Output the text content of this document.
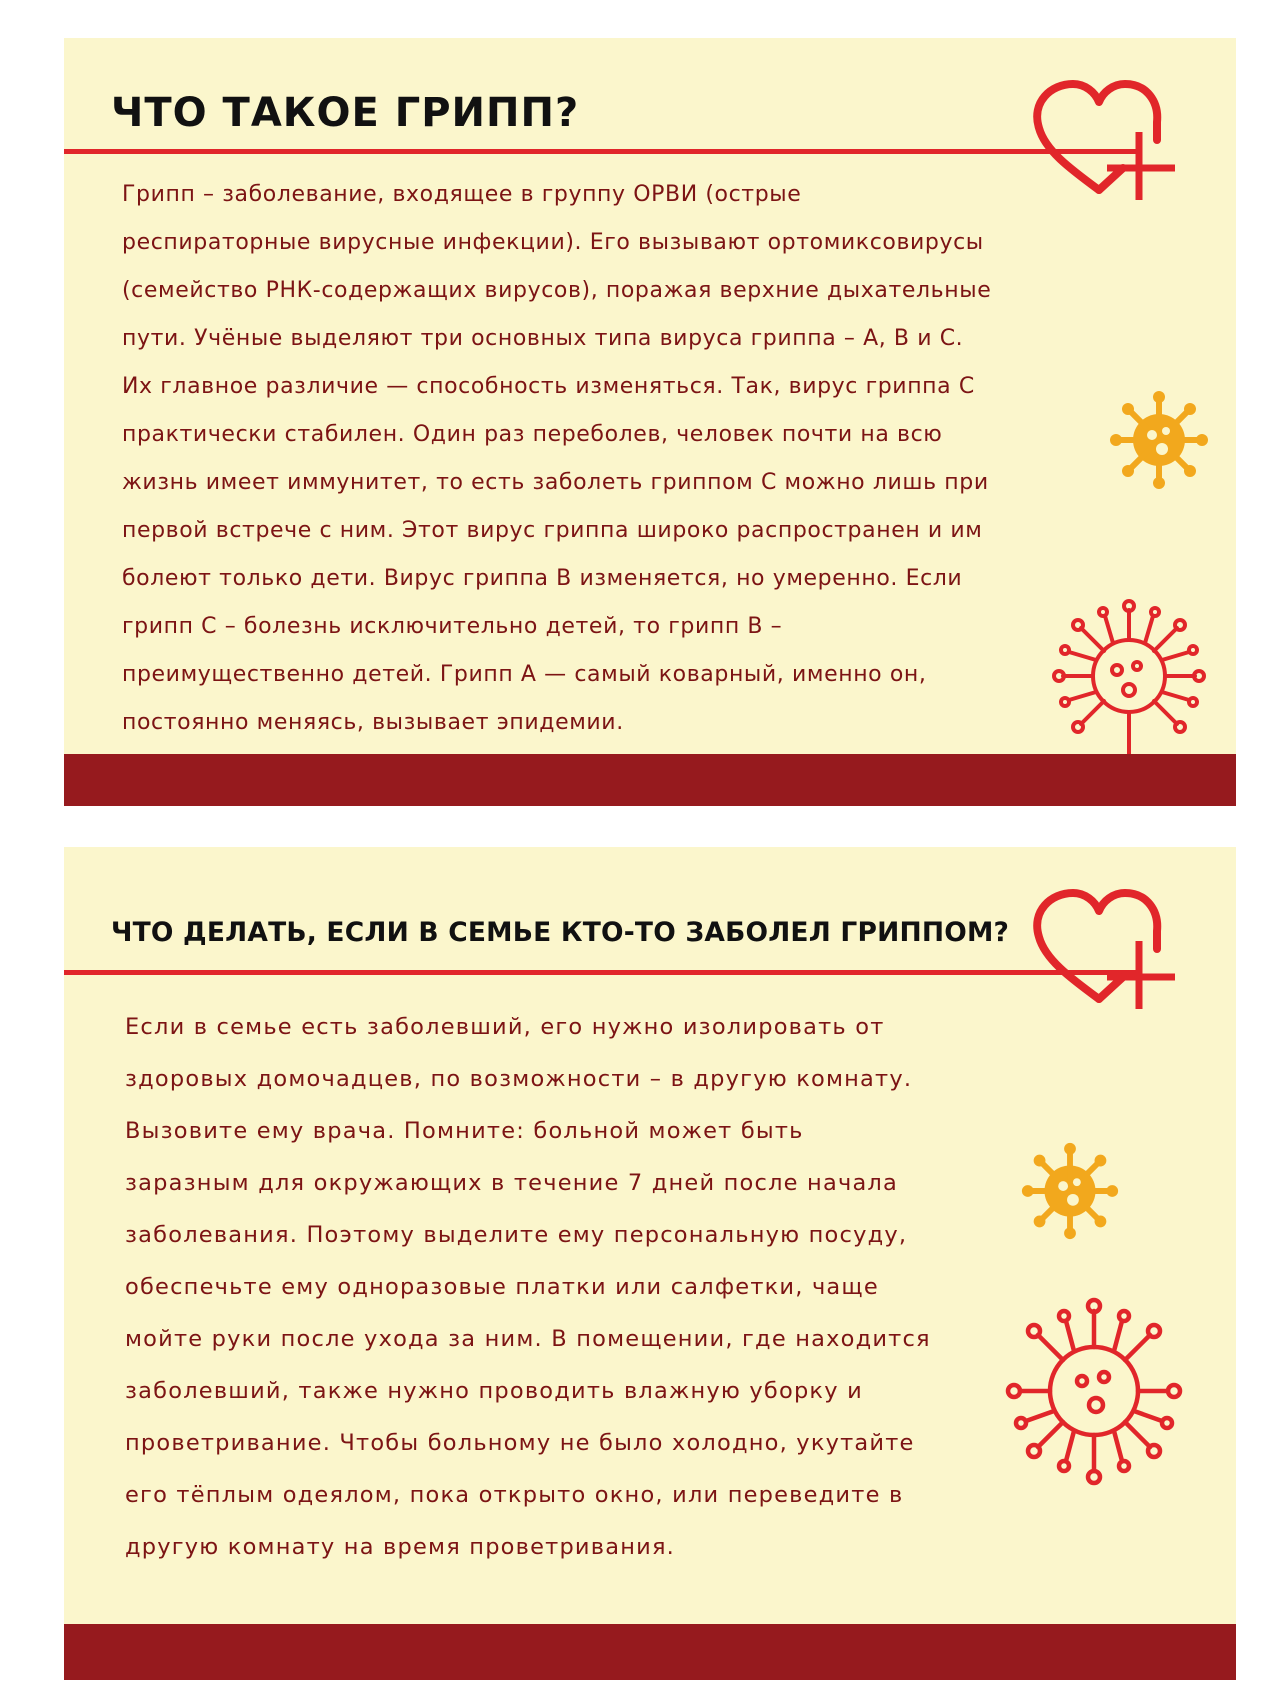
ЧТО ТАКОЕ ГРИПП?
Грипп – заболевание, входящее в группу ОРВИ (острые
респираторные вирусные инфекции). Его вызывают ортомиксовирусы
(семейство РНК-содержащих вирусов), поражая верхние дыхательные
пути. Учёные выделяют три основных типа вируса гриппа – А, В и С.
Их главное различие — способность изменяться. Так, вирус гриппа С
практически стабилен. Один раз переболев, человек почти на всю
жизнь имеет иммунитет, то есть заболеть гриппом С можно лишь при
первой встрече с ним. Этот вирус гриппа широко распространен и им
болеют только дети. Вирус гриппа В изменяется, но умеренно. Если
грипп С – болезнь исключительно детей, то грипп В –
преимущественно детей. Грипп А — самый коварный, именно он,
постоянно меняясь, вызывает эпидемии.
ЧТО ДЕЛАТЬ, ЕСЛИ В СЕМЬЕ КТО-ТО ЗАБОЛЕЛ ГРИППОМ?
Если в семье есть заболевший, его нужно изолировать от
здоровых домочадцев, по возможности – в другую комнату.
Вызовите ему врача. Помните: больной может быть
заразным для окружающих в течение 7 дней после начала
заболевания. Поэтому выделите ему персональную посуду,
обеспечьте ему одноразовые платки или салфетки, чаще
мойте руки после ухода за ним. В помещении, где находится
заболевший, также нужно проводить влажную уборку и
проветривание. Чтобы больному не было холодно, укутайте
его тёплым одеялом, пока открыто окно, или переведите в
другую комнату на время проветривания.
